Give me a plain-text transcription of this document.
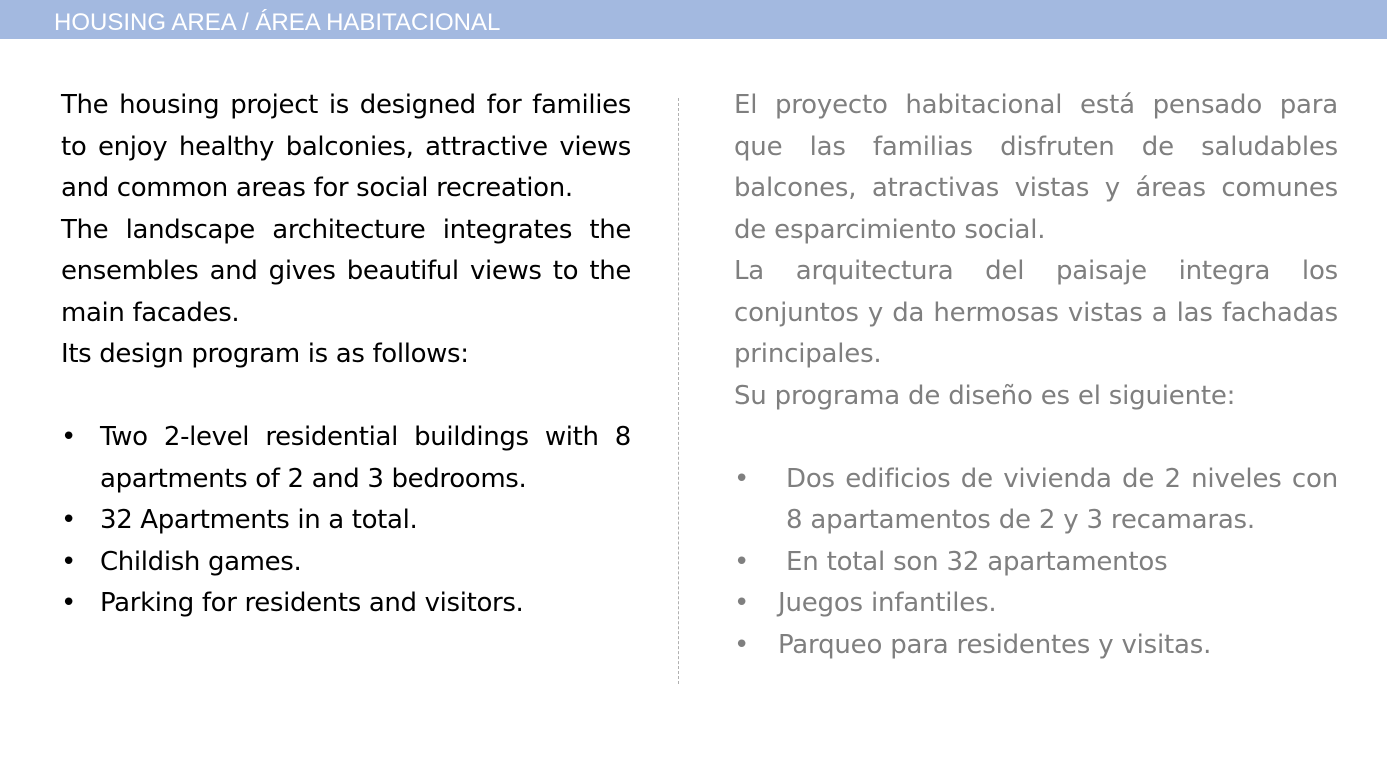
HOUSING AREA / ÁREA HABITACIONAL

The housing project is designed for families to enjoy healthy balconies, attractive views and common areas for social recreation.

The landscape architecture integrates the ensembles and gives beautiful views to the main facades.

Its design program is as follows:

• Two 2-level residential buildings with 8 apartments of 2 and 3 bedrooms.
• 32 Apartments in a total.
• Childish games.
• Parking for residents and visitors.

El proyecto habitacional está pensado para que las familias disfruten de saludables balcones, atractivas vistas y áreas comunes de esparcimiento social.

La arquitectura del paisaje integra los conjuntos y da hermosas vistas a las fachadas principales.

Su programa de diseño es el siguiente:

• Dos edificios de vivienda de 2 niveles con 8 apartamentos de 2 y 3 recamaras.
• En total son 32 apartamentos
• Juegos infantiles.
• Parqueo para residentes y visitas.
